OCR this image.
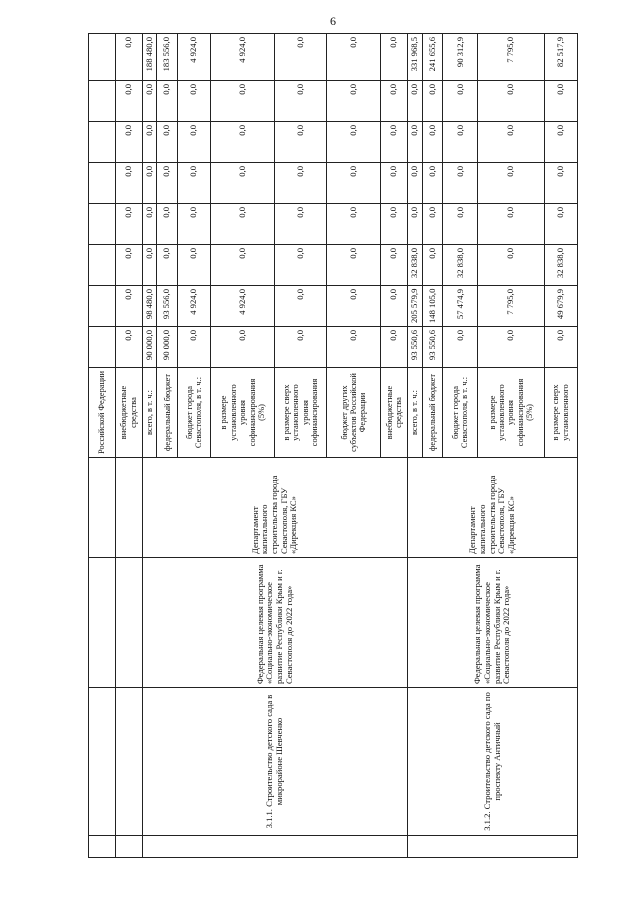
6
				Российской Федерации								
				внебюджетные средства	0,0	0,0	0,0	0,0	0,0	0,0	0,0	0,0
	3.1.1. Строительство детского сада в микрорайоне Шевченко	Федеральная целевая программа «Социально-экономическое развитие Республики Крым и г. Севастополя до 2022 года»	Департамент капитального строительства города Севастополя, ГБУ «Дирекция КС»	всего, в т. ч.:	90 000,0	98 480,0	0,0	0,0	0,0	0,0	0,0	188 480,0
				федеральный бюджет	90 000,0	93 556,0	0,0	0,0	0,0	0,0	0,0	183 556,0
				бюджет города Севастополя, в т. ч.:	0,0	4 924,0	0,0	0,0	0,0	0,0	0,0	4 924,0
				в размере установленного уровня софинансирования (5%)	0,0	4 924,0	0,0	0,0	0,0	0,0	0,0	4 924,0
				в размере сверх установленного уровня софинансирования	0,0	0,0	0,0	0,0	0,0	0,0	0,0	0,0
				бюджет других субъектов Российской Федерации	0,0	0,0	0,0	0,0	0,0	0,0	0,0	0,0
				внебюджетные средства	0,0	0,0	0,0	0,0	0,0	0,0	0,0	0,0
	3.1.2. Строительство детского сада по проспекту Античный	Федеральная целевая программа «Социально-экономическое развитие Республики Крым и г. Севастополя до 2022 года»	Департамент капитального строительства города Севастополя, ГБУ «Дирекция КС»	всего, в т. ч.:	93 550,6	205 579,9	32 838,0	0,0	0,0	0,0	0,0	331 968,5
				федеральный бюджет	93 550,6	148 105,0	0,0	0,0	0,0	0,0	0,0	241 655,6
				бюджет города Севастополя, в т. ч.:	0,0	57 474,9	32 838,0	0,0	0,0	0,0	0,0	90 312,9
				в размере установленного уровня софинансирования (5%)	0,0	7 795,0	0,0	0,0	0,0	0,0	0,0	7 795,0
				в размере сверх установленного	0,0	49 679,9	32 838,0	0,0	0,0	0,0	0,0	82 517,9
